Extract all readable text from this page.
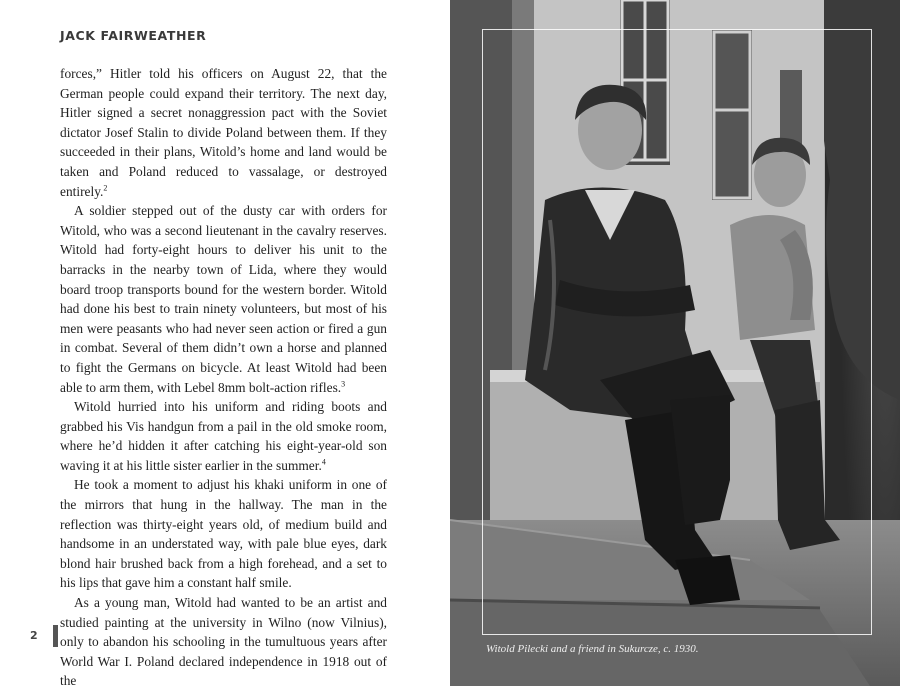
JACK FAIRWEATHER

forces,” Hitler told his officers on August 22, that the German people could expand their territory. The next day, Hitler signed a secret nonaggression pact with the Soviet dictator Josef Stalin to divide Poland between them. If they succeeded in their plans, Witold’s home and land would be taken and Poland reduced to vassalage, or destroyed entirely.$^2$

A soldier stepped out of the dusty car with orders for Witold, who was a second lieutenant in the cavalry reserves. Witold had forty-eight hours to deliver his unit to the barracks in the nearby town of Lida, where they would board troop transports bound for the western border. Witold had done his best to train ninety volunteers, but most of his men were peasants who had never seen action or fired a gun in combat. Several of them didn’t own a horse and planned to fight the Germans on bicycle. At least Witold had been able to arm them, with Lebel 8mm bolt-action rifles.$^3$

Witold hurried into his uniform and riding boots and grabbed his Vis handgun from a pail in the old smoke room, where he’d hidden it after catching his eight-year-old son waving it at his little sister earlier in the summer.$^4$

He took a moment to adjust his khaki uniform in one of the mirrors that hung in the hallway. The man in the reflection was thirty-eight years old, of medium build and handsome in an understated way, with pale blue eyes, dark blond hair brushed back from a high forehead, and a set to his lips that gave him a constant half smile.

As a young man, Witold had wanted to be an artist and studied painting at the university in Wilno (now Vilnius), only to abandon his schooling in the tumultuous years after World War I. Poland declared independence in 1918 out of the

2
Witold Pilecki and a friend in Sukurcze, c. 1930.
